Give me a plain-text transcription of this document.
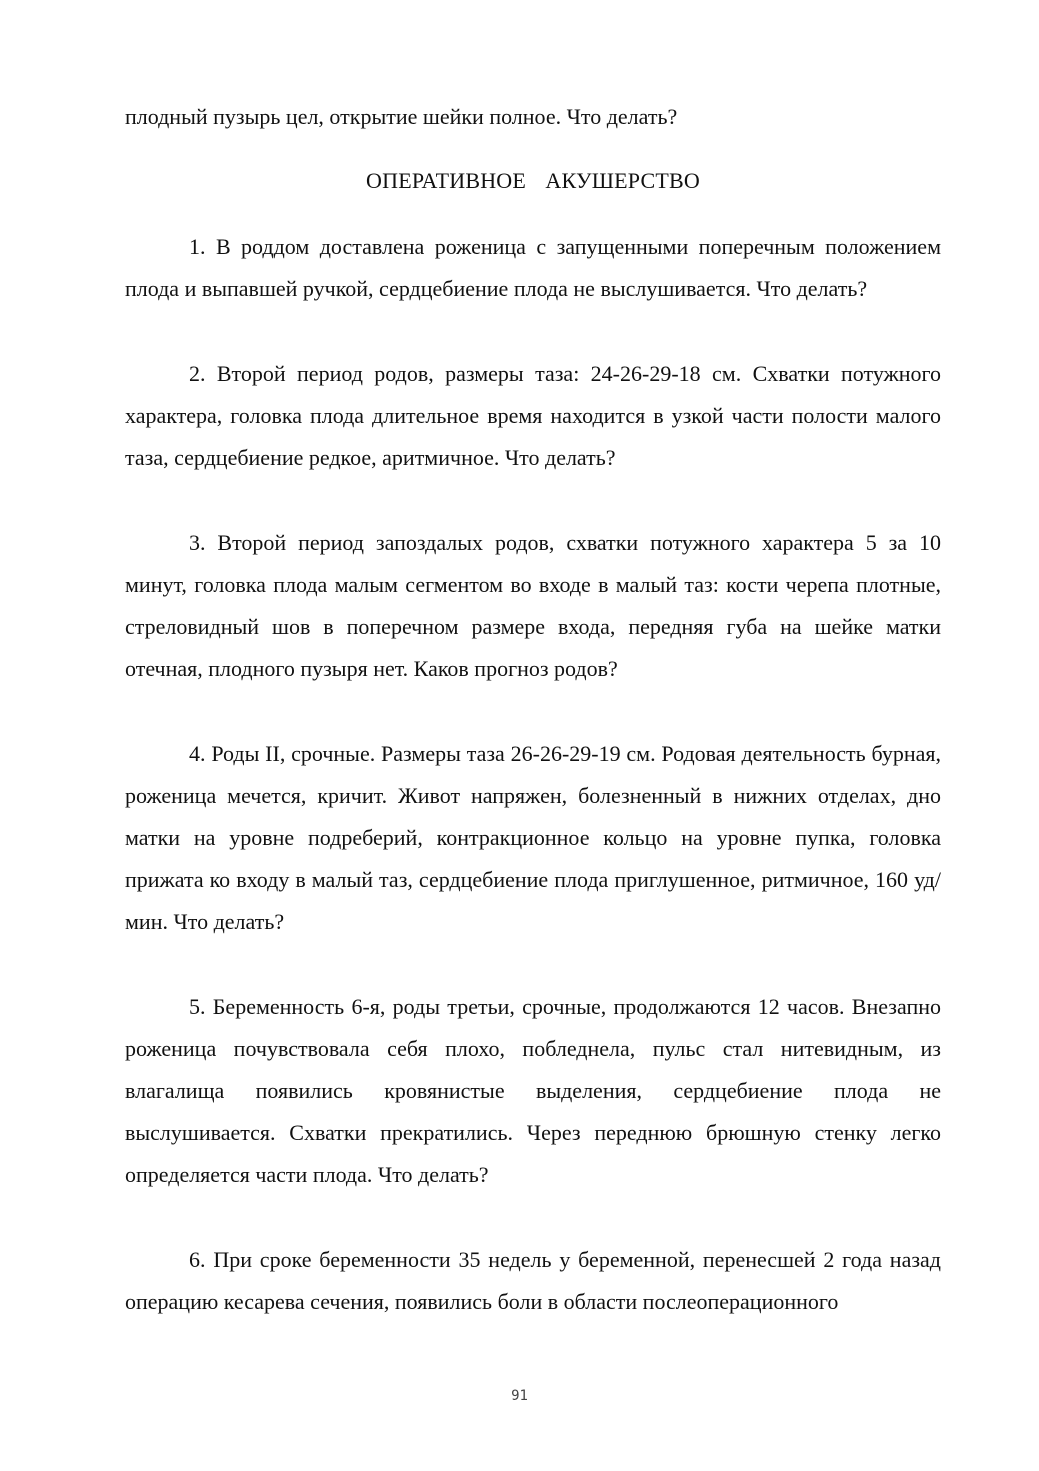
плодный пузырь цел, открытие шейки полное. Что делать?

ОПЕРАТИВНОЕ  АКУШЕРСТВО

1. В роддом доставлена роженица с запущенными поперечным положением плода и выпавшей ручкой, сердцебиение плода не выслушивается. Что делать?

2. Второй период родов, размеры таза: 24-26-29-18 см. Схватки потужного характера, головка плода длительное время находится в узкой части полости малого таза, сердцебиение редкое, аритмичное. Что делать?

3. Второй период запоздалых родов, схватки потужного характера 5 за 10 минут, головка плода малым сегментом во входе в малый таз: кости черепа плотные, стреловидный шов в поперечном размере входа, передняя губа на шейке матки отечная, плодного пузыря нет. Каков прогноз родов?

4. Роды II, срочные. Размеры таза 26-26-29-19 см. Родовая деятельность бурная, роженица мечется, кричит. Живот напряжен, болезненный в нижних отделах, дно матки на уровне подреберий, контракционное кольцо на уровне пупка, головка прижата ко входу в малый таз, сердцебиение плода приглушенное, ритмичное, 160 уд/мин. Что делать?

5. Беременность 6-я, роды третьи, срочные, продолжаются 12 часов. Внезапно роженица почувствовала себя плохо, побледнела, пульс стал нитевидным, из влагалища появились кровянистые выделения, сердцебиение плода не выслушивается. Схватки прекратились. Через переднюю брюшную стенку легко определяется части плода. Что делать?

6. При сроке беременности 35 недель у беременной, перенесшей 2 года назад операцию кесарева сечения, появились боли в области послеоперационного

91
